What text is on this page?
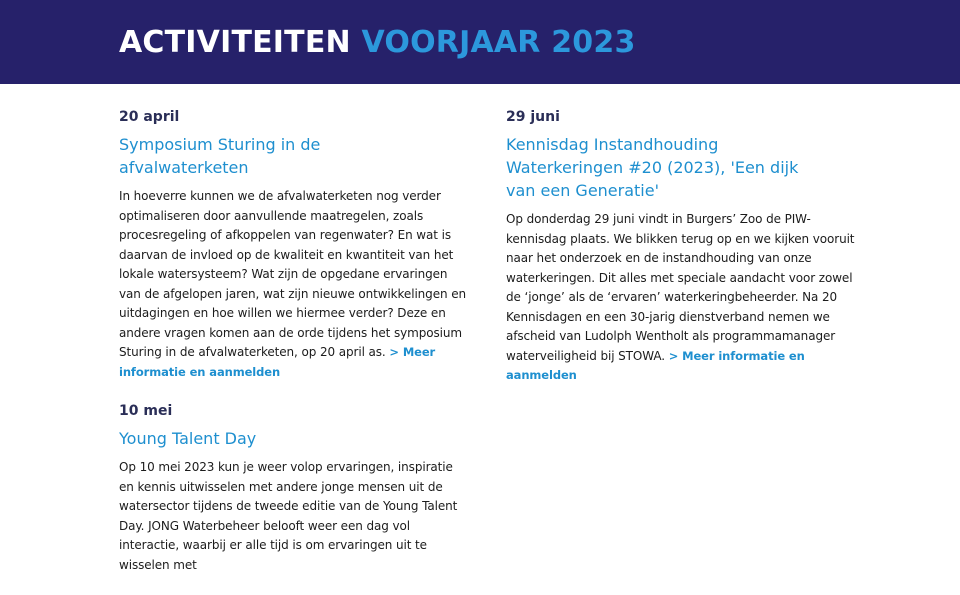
ACTIVITEITEN VOORJAAR 2023

20 april

Symposium Sturing in de
afvalwaterketen

In hoeverre kunnen we de afvalwaterketen nog verder optimaliseren door aanvullende maatregelen, zoals procesregeling of afkoppelen van regenwater? En wat is daarvan de invloed op de kwaliteit en kwantiteit van het lokale watersysteem? Wat zijn de opgedane ervaringen van de afgelopen jaren, wat zijn nieuwe ontwikkelingen en uitdagingen en hoe willen we hiermee verder? Deze en andere vragen komen aan de orde tijdens het symposium Sturing in de afvalwaterketen, op 20 april as. > Meer informatie en aanmelden

10 mei

Young Talent Day

Op 10 mei 2023 kun je weer volop ervaringen, inspiratie en kennis uitwisselen met andere jonge mensen uit de watersector tijdens de tweede editie van de Young Talent Day. JONG Waterbeheer belooft weer een dag vol interactie, waarbij er alle tijd is om ervaringen uit te wisselen met

29 juni

Kennisdag Instandhouding
Waterkeringen #20 (2023), 'Een dijk
van een Generatie'

Op donderdag 29 juni vindt in Burgers’ Zoo de PIW-kennisdag plaats. We blikken terug op en we kijken vooruit naar het onderzoek en de instandhouding van onze waterkeringen. Dit alles met speciale aandacht voor zowel de ‘jonge’ als de ‘ervaren’ waterkeringbeheerder. Na 20 Kennisdagen en een 30-jarig dienstverband nemen we afscheid van Ludolph Wentholt als programmamanager waterveiligheid bij STOWA. > Meer informatie en aanmelden
